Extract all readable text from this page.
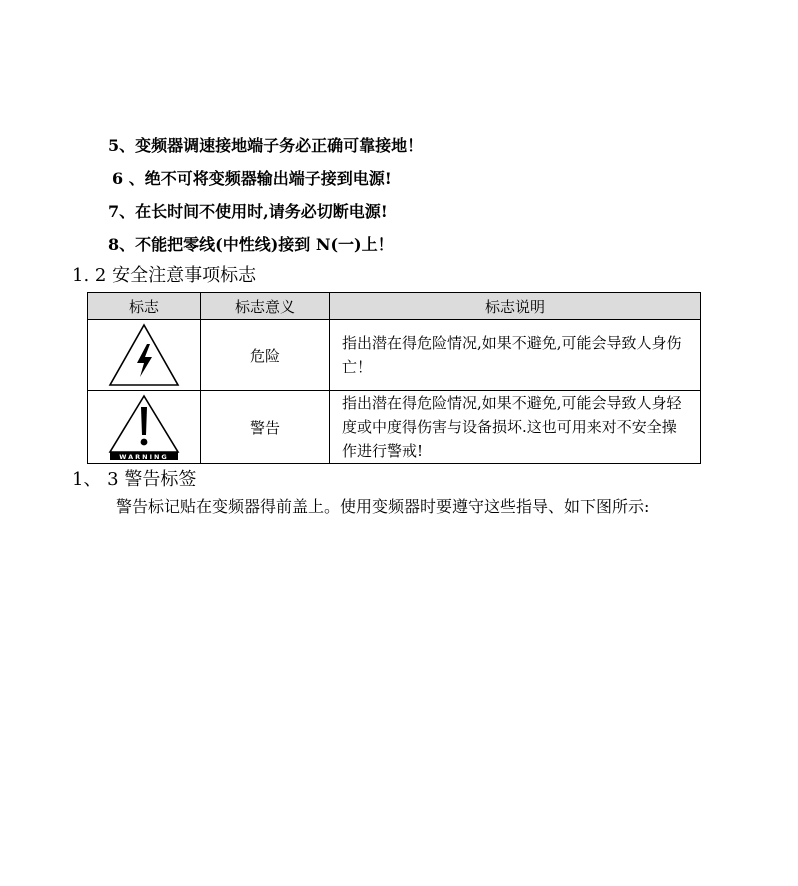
5、变频器调速接地端子务必正确可靠接地！
6 、绝不可将变频器输出端子接到电源!
7、在长时间不使用时,请务必切断电源!
8、不能把零线(中性线)接到 N(一)上！
1. 2 安全注意事项标志
标志	标志意义	标志说明

	危险	指出潜在得危险情况,如果不避免,可能会导致人身伤亡！

WARNING	警告	指出潜在得危险情况,如果不避免,可能会导致人身轻度或中度得伤害与设备损坏.这也可用来对不安全操作进行警戒!
1、 3 警告标签
警告标记贴在变频器得前盖上。使用变频器时要遵守这些指导、如下图所示:
